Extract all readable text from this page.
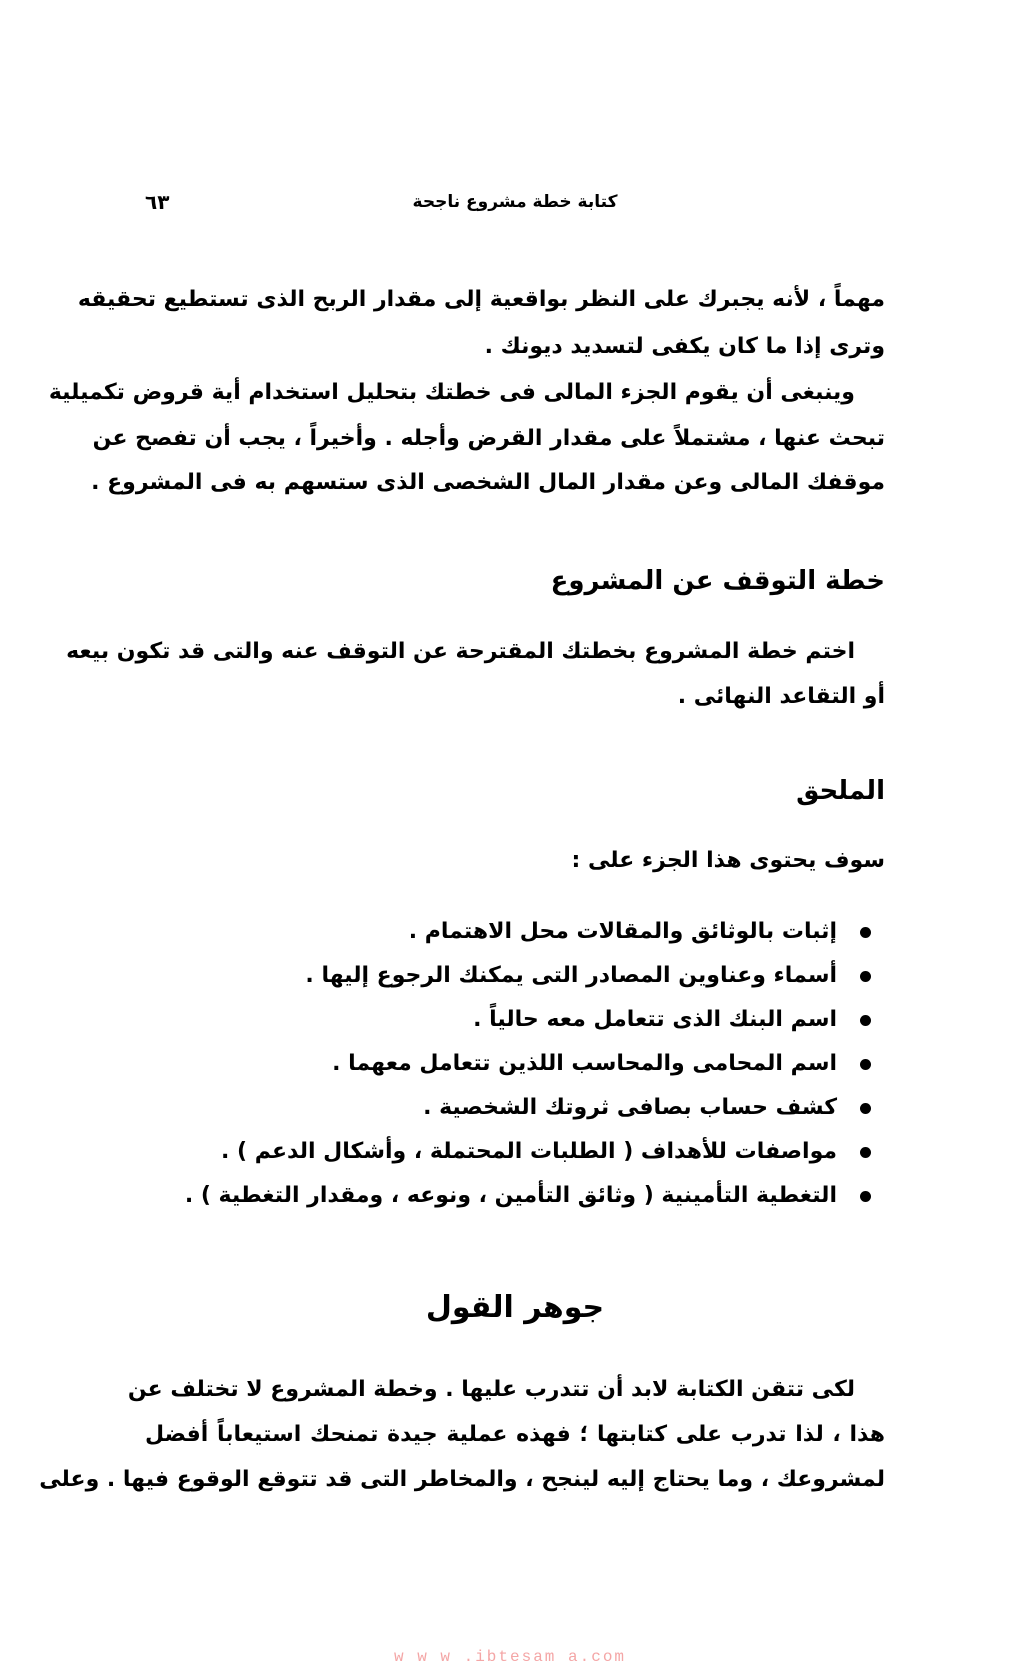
كتابة خطة مشروع ناجحة
٦٣
مهماً ، لأنه يجبرك على النظر بواقعية إلى مقدار الربح الذى تستطيع تحقيقه
وترى إذا ما كان يكفى لتسديد ديونك .
وينبغى أن يقوم الجزء المالى فى خطتك بتحليل استخدام أية قروض تكميلية
تبحث عنها ، مشتملاً على مقدار القرض وأجله . وأخيراً ، يجب أن تفصح عن
موقفك المالى وعن مقدار المال الشخصى الذى ستسهم به فى المشروع .
خطة التوقف عن المشروع
اختم خطة المشروع بخطتك المقترحة عن التوقف عنه والتى قد تكون بيعه
أو التقاعد النهائى .
الملحق
سوف يحتوى هذا الجزء على :
إثبات بالوثائق والمقالات محل الاهتمام .
أسماء وعناوين المصادر التى يمكنك الرجوع إليها .
اسم البنك الذى تتعامل معه حالياً .
اسم المحامى والمحاسب اللذين تتعامل معهما .
كشف حساب بصافى ثروتك الشخصية .
مواصفات للأهداف ( الطلبات المحتملة ، وأشكال الدعم ) .
التغطية التأمينية ( وثائق التأمين ، ونوعه ، ومقدار التغطية ) .
جوهر القول
لكى تتقن الكتابة لابد أن تتدرب عليها . وخطة المشروع لا تختلف عن
هذا ، لذا تدرب على كتابتها ؛ فهذه عملية جيدة تمنحك استيعاباً أفضل
لمشروعك ، وما يحتاج إليه لينجح ، والمخاطر التى قد تتوقع الوقوع فيها . وعلى
w w w .ibtesam a.com
